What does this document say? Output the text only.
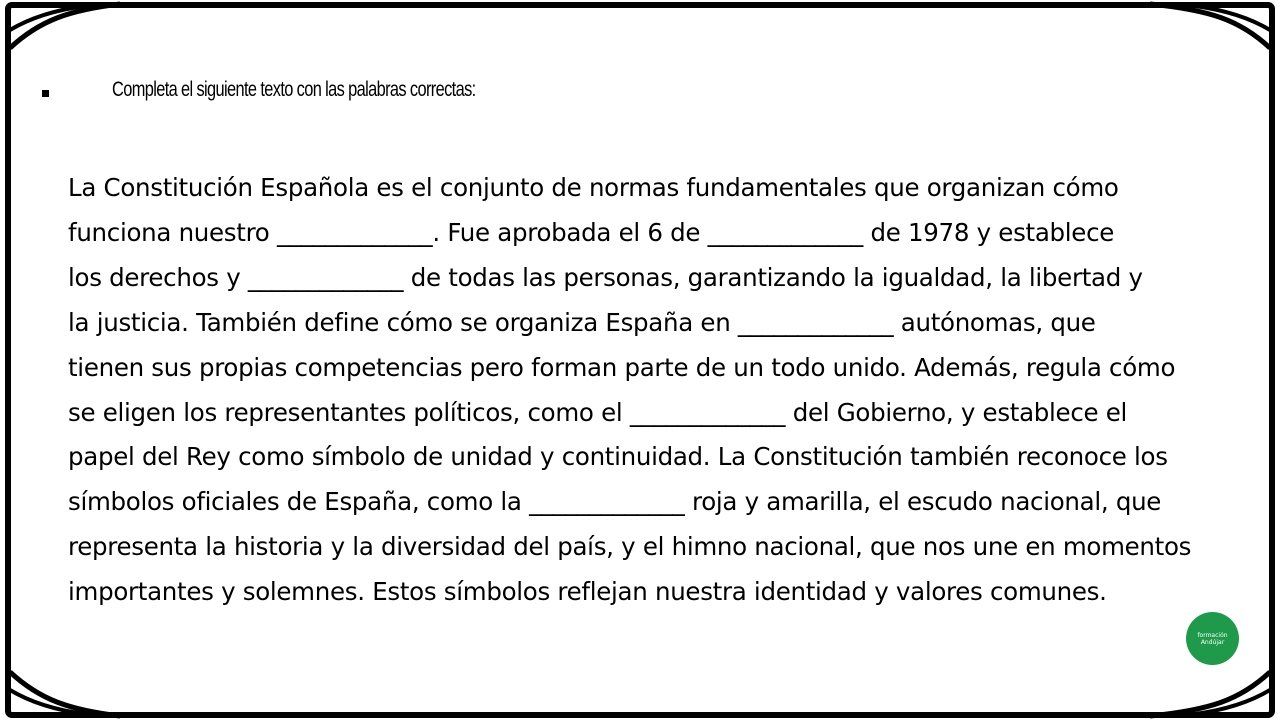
Completa el siguiente texto con las palabras correctas:
La Constitución Española es el conjunto de normas fundamentales que organizan cómo
funciona nuestro _____________. Fue aprobada el 6 de _____________ de 1978 y establece
los derechos y _____________ de todas las personas, garantizando la igualdad, la libertad y
la justicia. También define cómo se organiza España en _____________ autónomas, que
tienen sus propias competencias pero forman parte de un todo unido. Además, regula cómo
se eligen los representantes políticos, como el _____________ del Gobierno, y establece el
papel del Rey como símbolo de unidad y continuidad. La Constitución también reconoce los
símbolos oficiales de España, como la _____________ roja y amarilla, el escudo nacional, que
representa la historia y la diversidad del país, y el himno nacional, que nos une en momentos
importantes y solemnes. Estos símbolos reflejan nuestra identidad y valores comunes.
formación
Andújar
